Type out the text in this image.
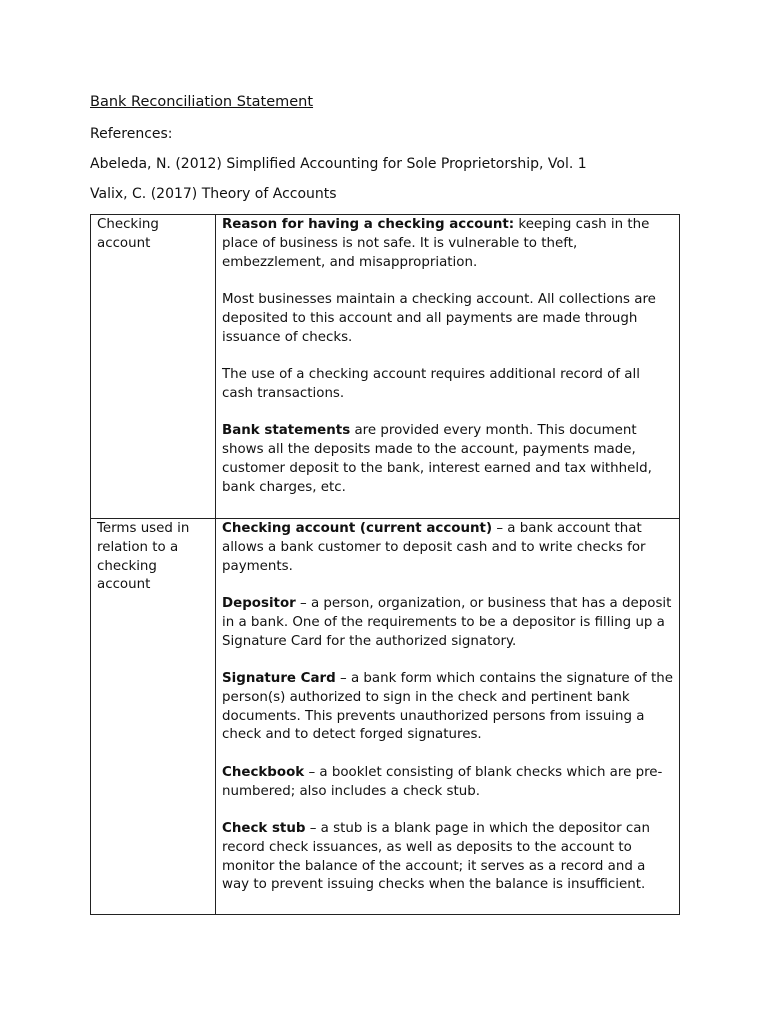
Bank Reconciliation Statement
References:
Abeleda, N. (2012) Simplified Accounting for Sole Proprietorship, Vol. 1
Valix, C. (2017) Theory of Accounts
Checking account	Reason for having a checking account: keeping cash in the place of business is not safe. It is vulnerable to theft, embezzlement, and misappropriation.

Most businesses maintain a checking account. All collections are deposited to this account and all payments are made through issuance of checks.

The use of a checking account requires additional record of all cash transactions.

Bank statements are provided every month. This document shows all the deposits made to the account, payments made, customer deposit to the bank, interest earned and tax withheld, bank charges, etc.

Terms used in relation to a checking account	Checking account (current account) – a bank account that allows a bank customer to deposit cash and to write checks for payments.

Depositor – a person, organization, or business that has a deposit in a bank. One of the requirements to be a depositor is filling up a Signature Card for the authorized signatory.

Signature Card – a bank form which contains the signature of the person(s) authorized to sign in the check and pertinent bank documents. This prevents unauthorized persons from issuing a check and to detect forged signatures.

Checkbook – a booklet consisting of blank checks which are pre-numbered; also includes a check stub.

Check stub – a stub is a blank page in which the depositor can record check issuances, as well as deposits to the account to monitor the balance of the account; it serves as a record and a way to prevent issuing checks when the balance is insufficient.
